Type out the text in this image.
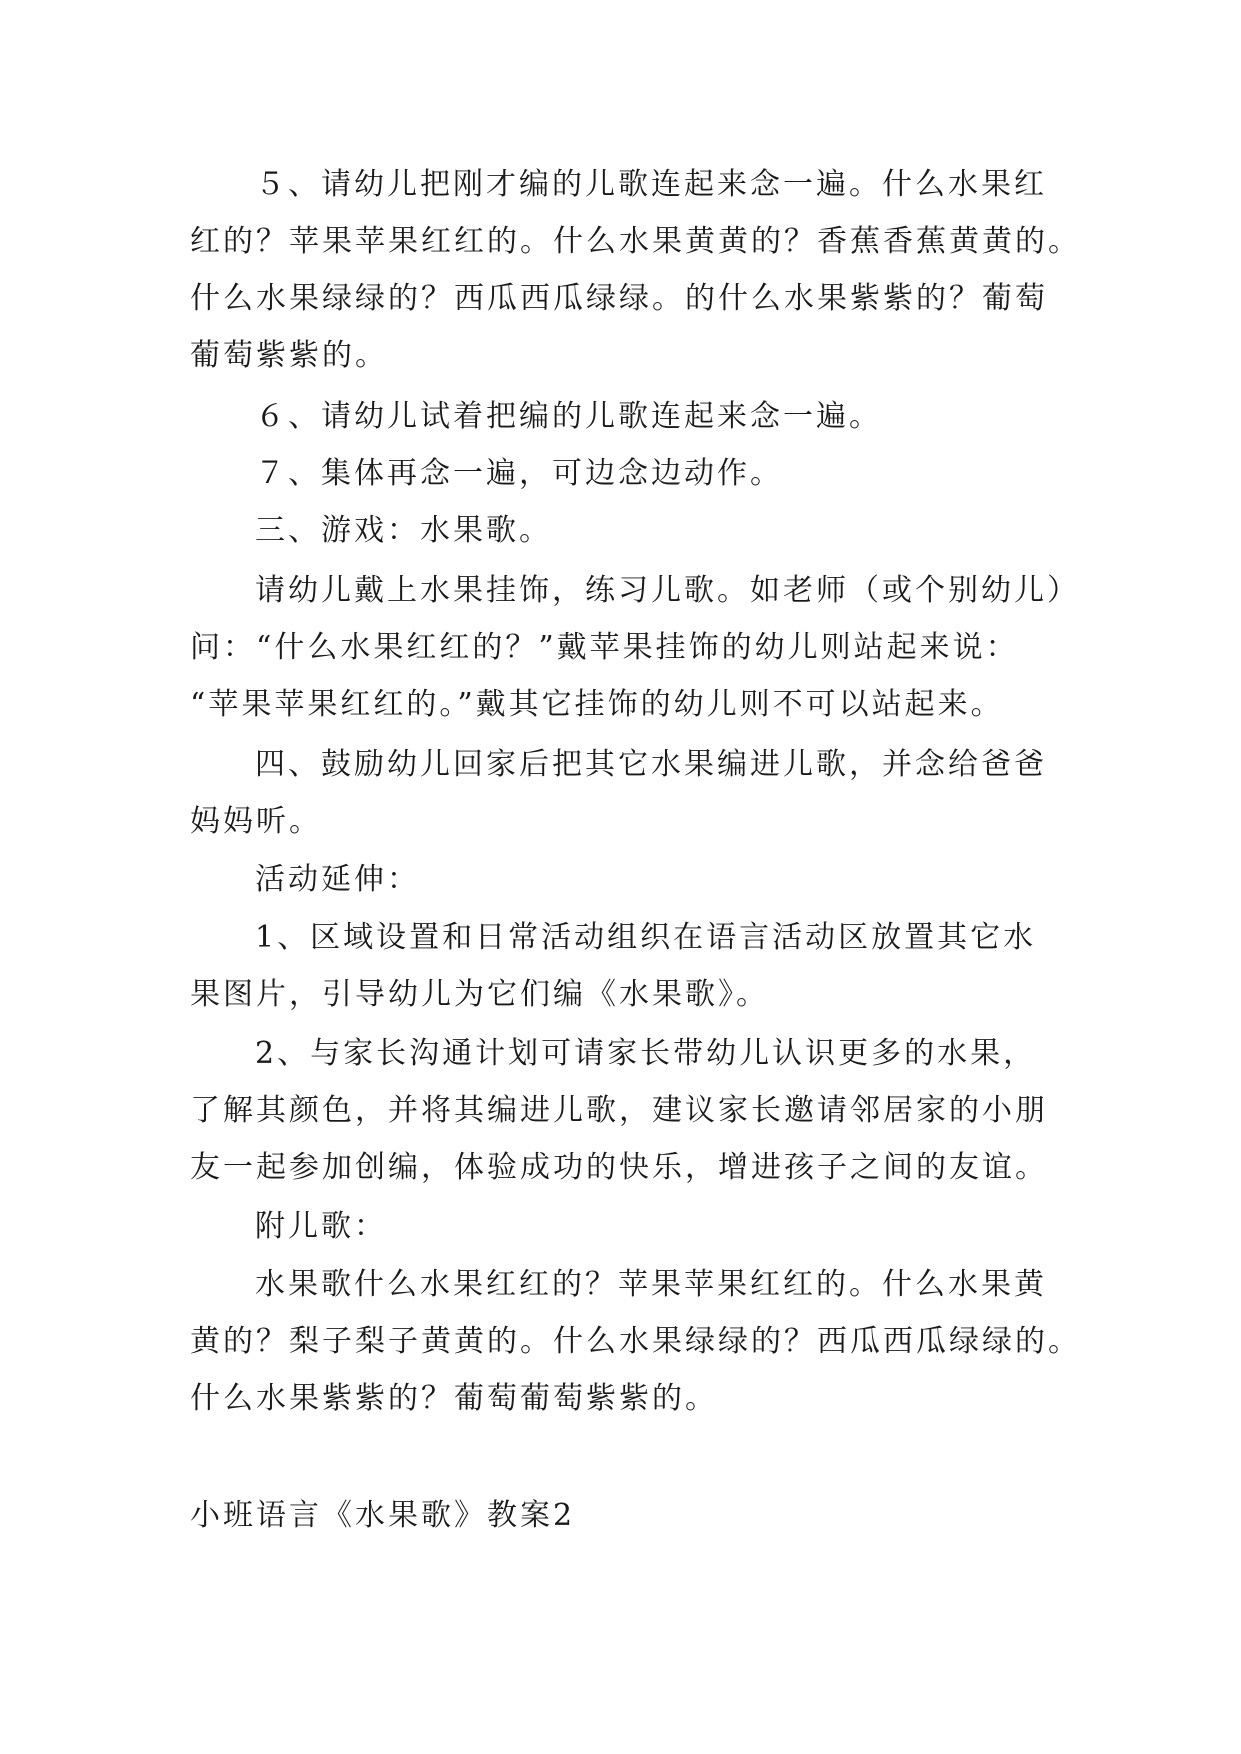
５、请幼儿把刚才编的儿歌连起来念一遍。什么水果红
红的？苹果苹果红红的。什么水果黄黄的？香蕉香蕉黄黄的。
什么水果绿绿的？西瓜西瓜绿绿。的什么水果紫紫的？葡萄
葡萄紫紫的。
６、请幼儿试着把编的儿歌连起来念一遍。
７、集体再念一遍，可边念边动作。
三、游戏：水果歌。
请幼儿戴上水果挂饰，练习儿歌。如老师（或个别幼儿）
问：“什么水果红红的？”戴苹果挂饰的幼儿则站起来说：
“苹果苹果红红的。”戴其它挂饰的幼儿则不可以站起来。
四、鼓励幼儿回家后把其它水果编进儿歌，并念给爸爸
妈妈听。
活动延伸：
1、区域设置和日常活动组织在语言活动区放置其它水
果图片，引导幼儿为它们编《水果歌》。
2、与家长沟通计划可请家长带幼儿认识更多的水果，
了解其颜色，并将其编进儿歌，建议家长邀请邻居家的小朋
友一起参加创编，体验成功的快乐，增进孩子之间的友谊。
附儿歌：
水果歌什么水果红红的？苹果苹果红红的。什么水果黄
黄的？梨子梨子黄黄的。什么水果绿绿的？西瓜西瓜绿绿的。
什么水果紫紫的？葡萄葡萄紫紫的。
小班语言《水果歌》教案2
